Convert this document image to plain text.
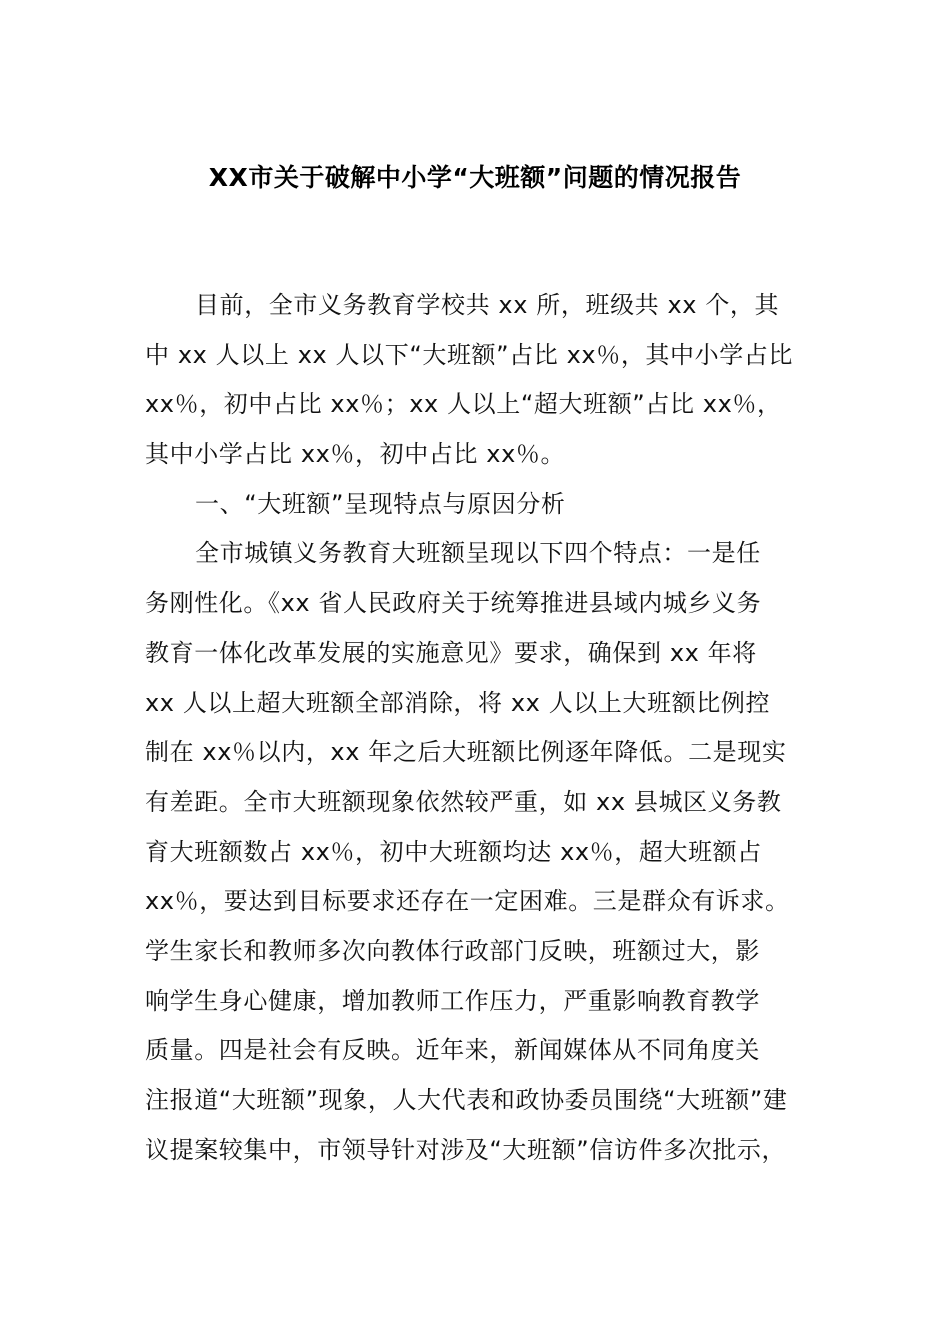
XX市关于破解中小学“大班额”问题的情况报告
目前，全市义务教育学校共 xx 所，班级共 xx 个，其
中 xx 人以上 xx 人以下“大班额”占比 xx％，其中小学占比
xx％，初中占比 xx％；xx 人以上“超大班额”占比 xx％，
其中小学占比 xx％，初中占比 xx％。
一、“大班额”呈现特点与原因分析
全市城镇义务教育大班额呈现以下四个特点：一是任
务刚性化。《xx 省人民政府关于统筹推进县域内城乡义务
教育一体化改革发展的实施意见》要求，确保到 xx 年将
xx 人以上超大班额全部消除，将 xx 人以上大班额比例控
制在 xx％以内，xx 年之后大班额比例逐年降低。二是现实
有差距。全市大班额现象依然较严重，如 xx 县城区义务教
育大班额数占 xx％，初中大班额均达 xx％，超大班额占
xx％，要达到目标要求还存在一定困难。三是群众有诉求。
学生家长和教师多次向教体行政部门反映，班额过大，影
响学生身心健康，增加教师工作压力，严重影响教育教学
质量。四是社会有反映。近年来，新闻媒体从不同角度关
注报道“大班额”现象，人大代表和政协委员围绕“大班额”建
议提案较集中，市领导针对涉及“大班额”信访件多次批示，
